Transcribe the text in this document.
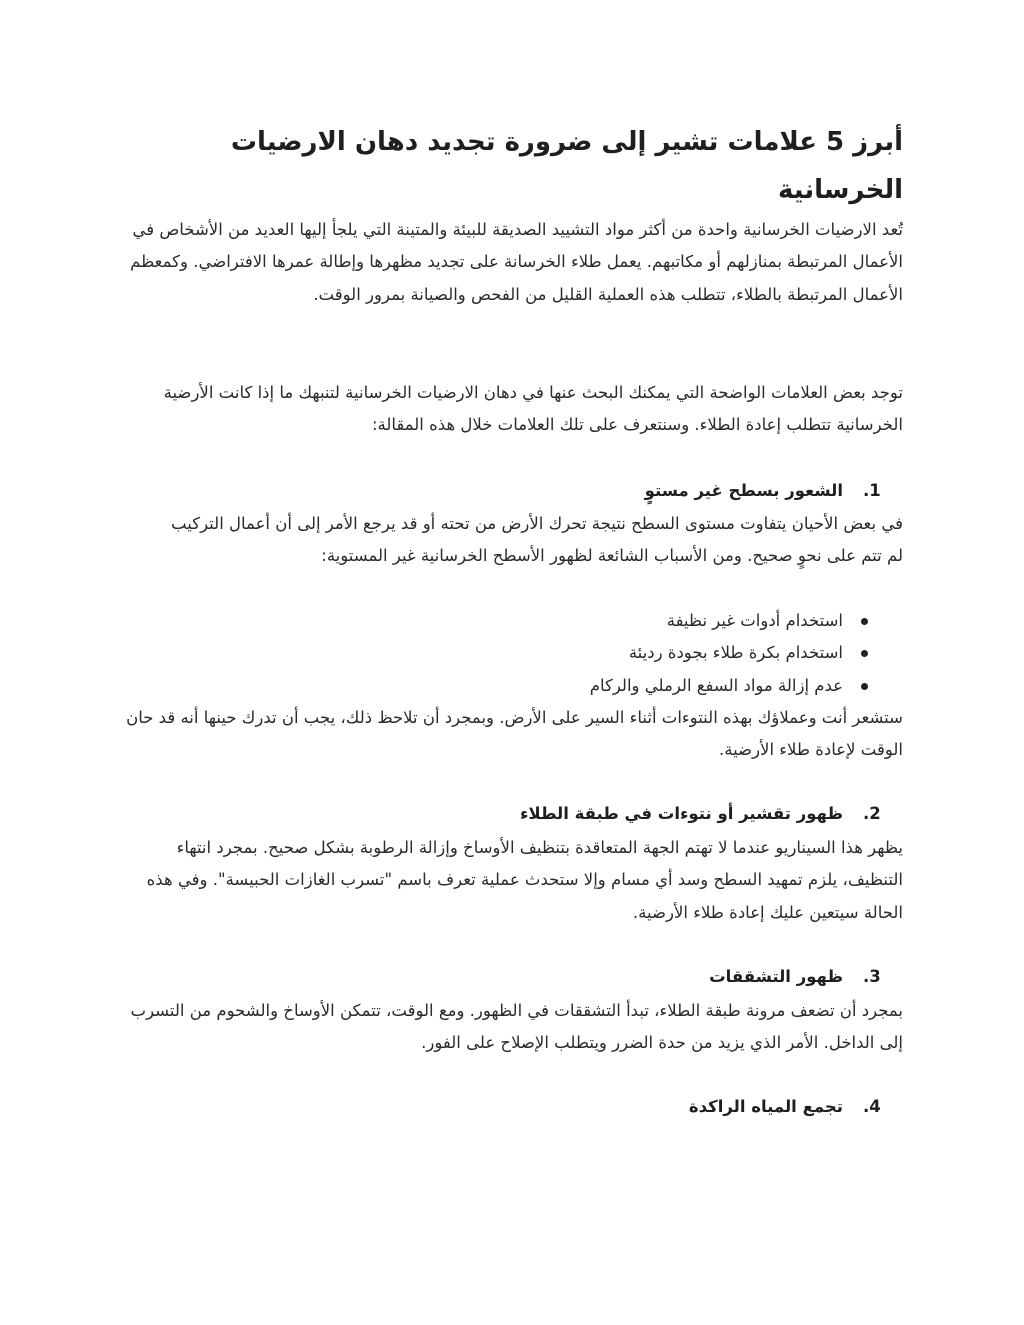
أبرز 5 علامات تشير إلى ضرورة تجديد دهان الارضيات الخرسانية

تُعد الارضيات الخرسانية واحدة من أكثر مواد التشييد الصديقة للبيئة والمتينة التي يلجأ إليها العديد من الأشخاص في الأعمال المرتبطة بمنازلهم أو مكاتبهم. يعمل طلاء الخرسانة على تجديد مظهرها وإطالة عمرها الافتراضي. وكمعظم الأعمال المرتبطة بالطلاء، تتطلب هذه العملية القليل من الفحص والصيانة بمرور الوقت.

توجد بعض العلامات الواضحة التي يمكنك البحث عنها في دهان الارضيات الخرسانية لتنبهك ما إذا كانت الأرضية الخرسانية تتطلب إعادة الطلاء. وسنتعرف على تلك العلامات خلال هذه المقالة:

1.الشعور بسطح غير مستوٍ

في بعض الأحيان يتفاوت مستوى السطح نتيجة تحرك الأرض من تحته أو قد يرجع الأمر إلى أن أعمال التركيب لم تتم على نحوٍ صحيح. ومن الأسباب الشائعة لظهور الأسطح الخرسانية غير المستوية:

استخدام أدوات غير نظيفة
استخدام بكرة طلاء بجودة رديئة
عدم إزالة مواد السفع الرملي والركام

ستشعر أنت وعملاؤك بهذه النتوءات أثناء السير على الأرض. وبمجرد أن تلاحظ ذلك، يجب أن تدرك حينها أنه قد حان الوقت لإعادة طلاء الأرضية.

2.ظهور تقشير أو نتوءات في طبقة الطلاء

يظهر هذا السيناريو عندما لا تهتم الجهة المتعاقدة بتنظيف الأوساخ وإزالة الرطوبة بشكل صحيح. بمجرد انتهاء التنظيف، يلزم تمهيد السطح وسد أي مسام وإلا ستحدث عملية تعرف باسم "تسرب الغازات الحبيسة". وفي هذه الحالة سيتعين عليك إعادة طلاء الأرضية.

3.ظهور التشققات

بمجرد أن تضعف مرونة طبقة الطلاء، تبدأ التشققات في الظهور. ومع الوقت، تتمكن الأوساخ والشحوم من التسرب إلى الداخل. الأمر الذي يزيد من حدة الضرر ويتطلب الإصلاح على الفور.

4.تجمع المياه الراكدة
